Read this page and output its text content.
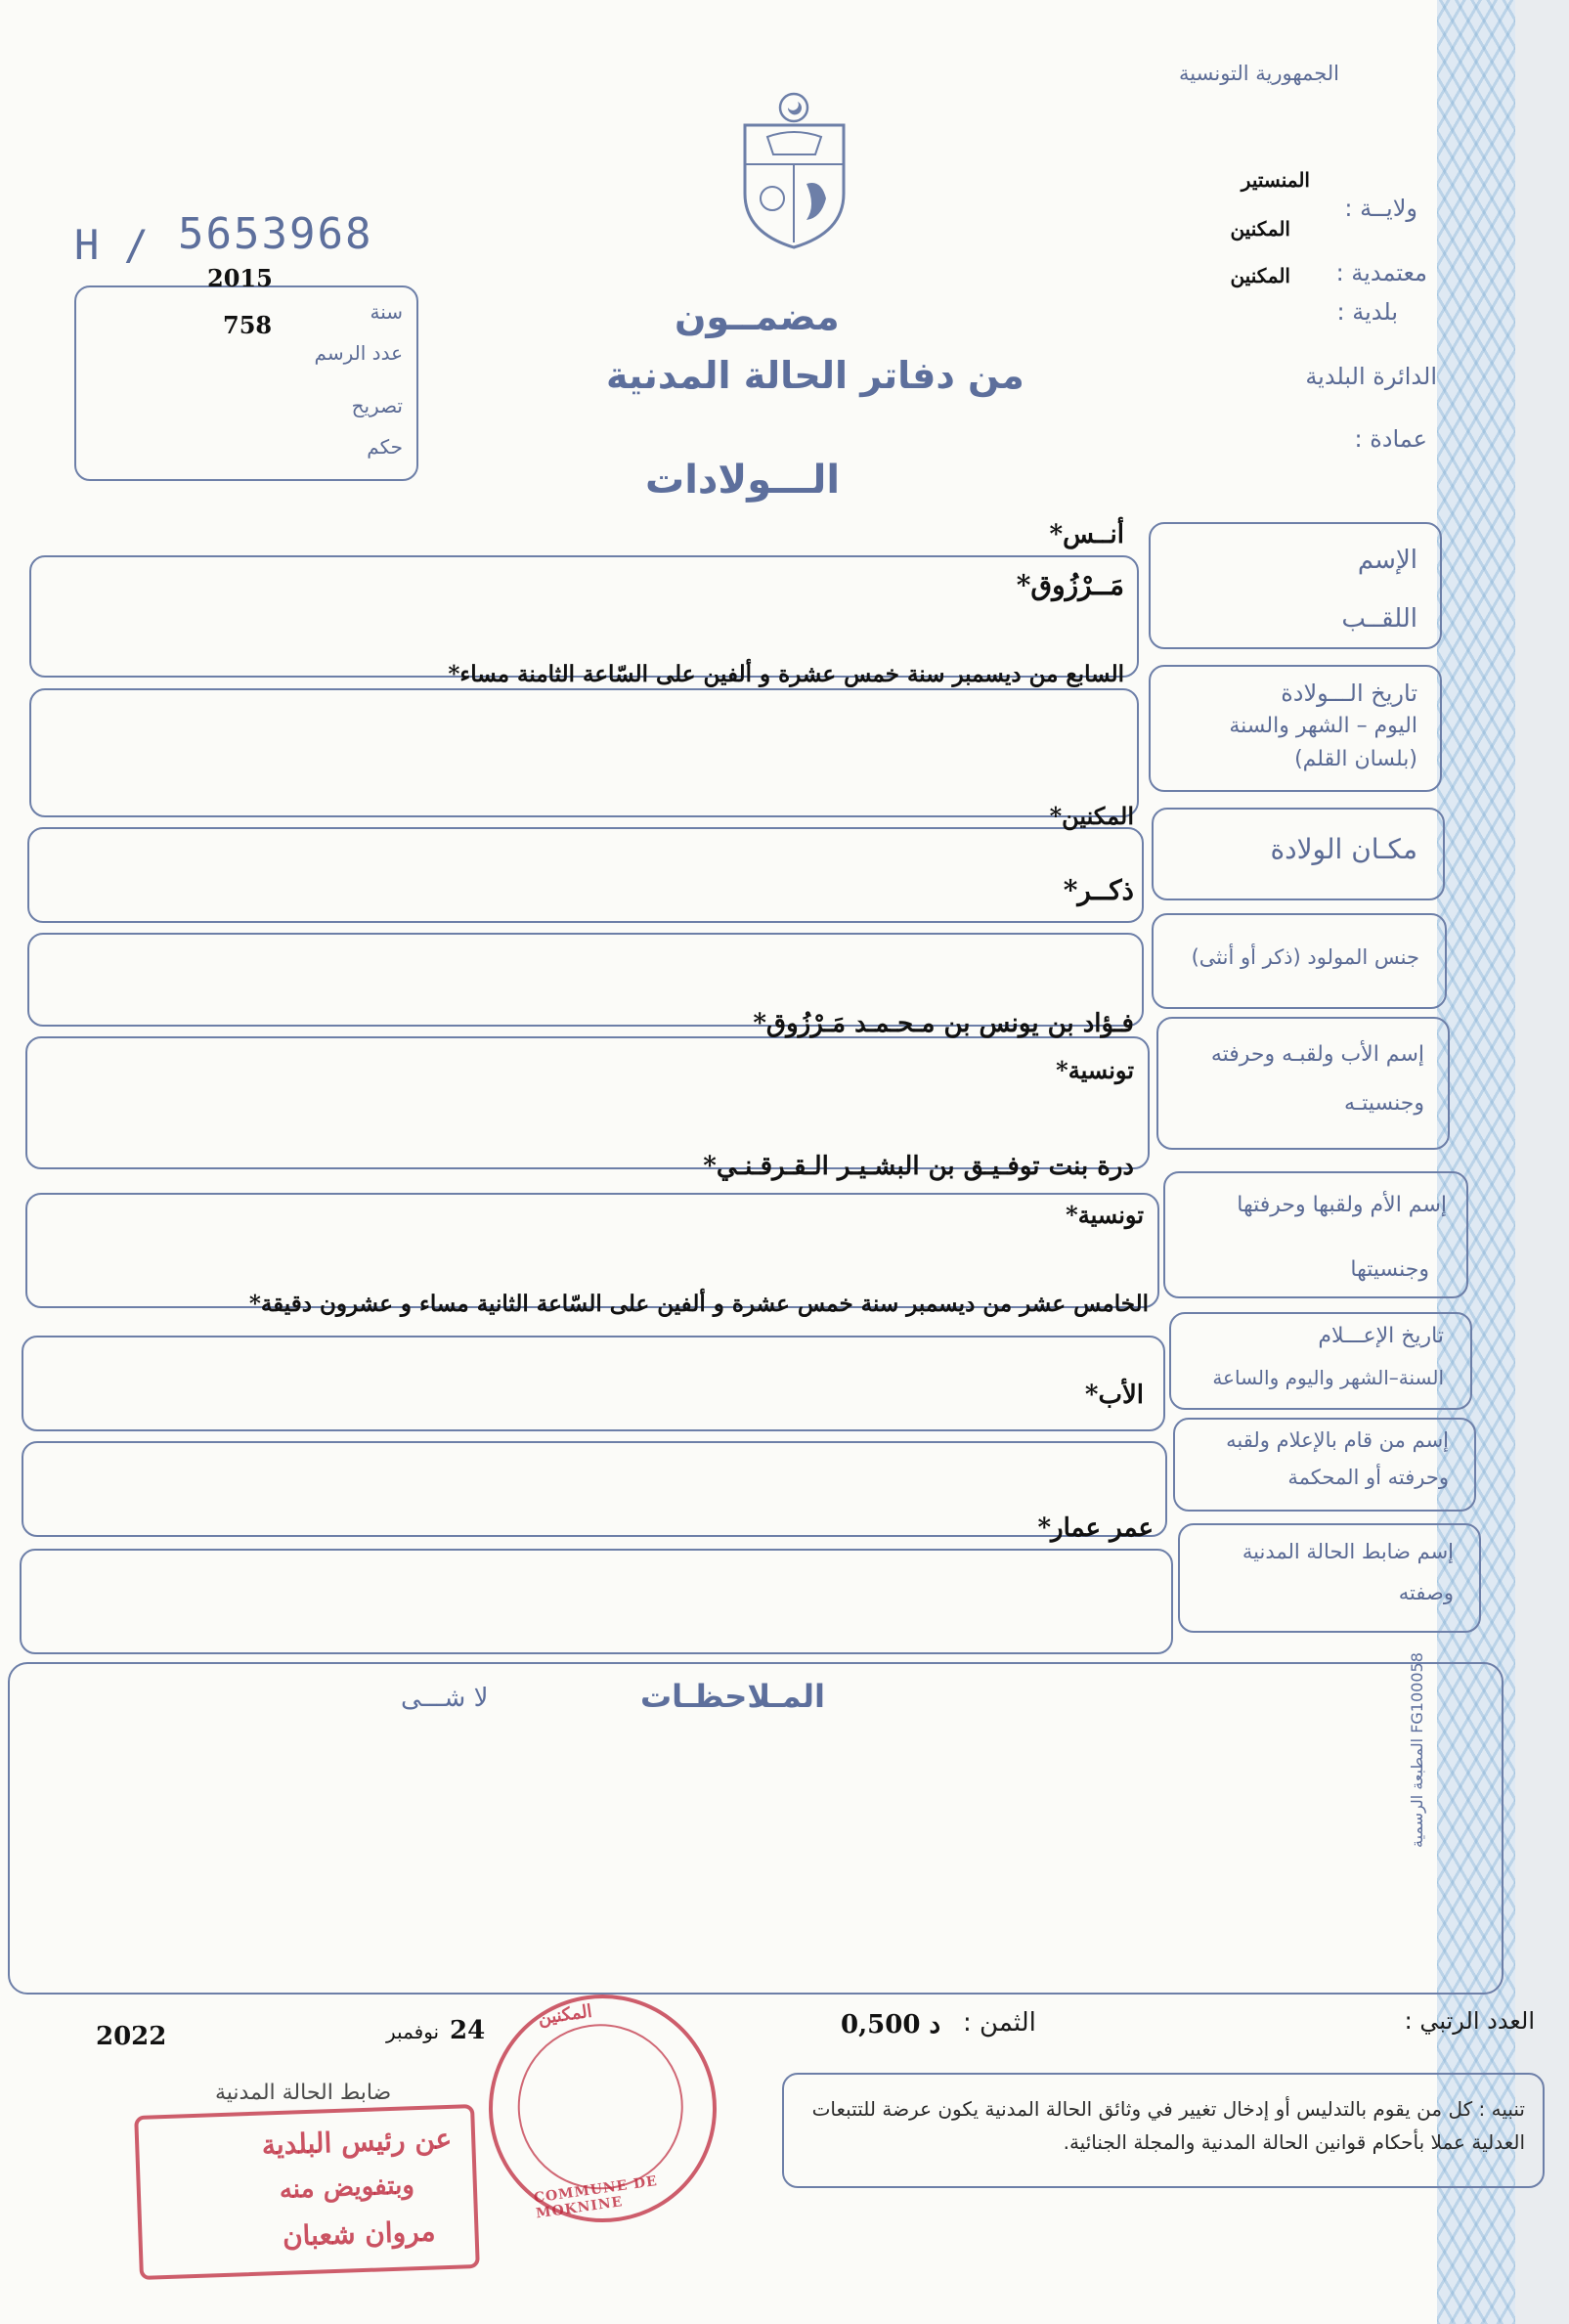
الجمهورية التونسية
ولايــة :
المنستير
المكنين
معتمدية :
المكنين
بلدية :
الدائرة البلدية
عمادة :
H / 5653968
2015
758	سنة
عدد الرسم
تصريح
حكم
مضمــون
من دفاتر الحالة المدنية
الـــولادات
الإسم
اللقــب
أنــس*
مَــرْزُوق*
تاريخ الـــولادة
اليوم – الشهر والسنة
(بلسان القلم)
السابع من ديسمبر سنة خمس عشرة و ألفين على السّاعة الثامنة مساء*
مكـان الولادة
المكنين*
جنس المولود (ذكر أو أنثى)
ذكــر*
إسم الأب ولقبـه وحرفته
وجنسيتـه
فـؤاد بن يونس بن مـحـمـد مَـرْزُوق*
تونسية*
إسم الأم ولقبها وحرفتها
وجنسيتها
درة بنت توفـيـق بن البشـيـر الـقـرقـنـي*
تونسية*
تاريخ الإعـــلام
السنة–الشهر واليوم والساعة
الخامس عشر من ديسمبر سنة خمس عشرة و ألفين على السّاعة الثانية مساء و عشرون دقيقة*
إسم من قام بالإعلام ولقبه
وحرفته أو المحكمة
الأب*
إسم ضابط الحالة المدنية
وصفته
عمر عمار*
المـلاحظـات
لا شـــى
المطبعة الرسمية FG100058
العدد الرتبي :
الثمن :
0,500 د
نوفمبر 24
2022
تنبيه : كل من يقوم بالتدليس أو إدخال تغيير في وثائق الحالة المدنية يكون عرضة للتتبعات العدلية عملا بأحكام قوانين الحالة المدنية والمجلة الجنائية.
ضابط الحالة المدنية
عن رئيس البلدية
وبتفويض منه
مروان شعبان
المكنين
COMMUNE DE MOKNINE
